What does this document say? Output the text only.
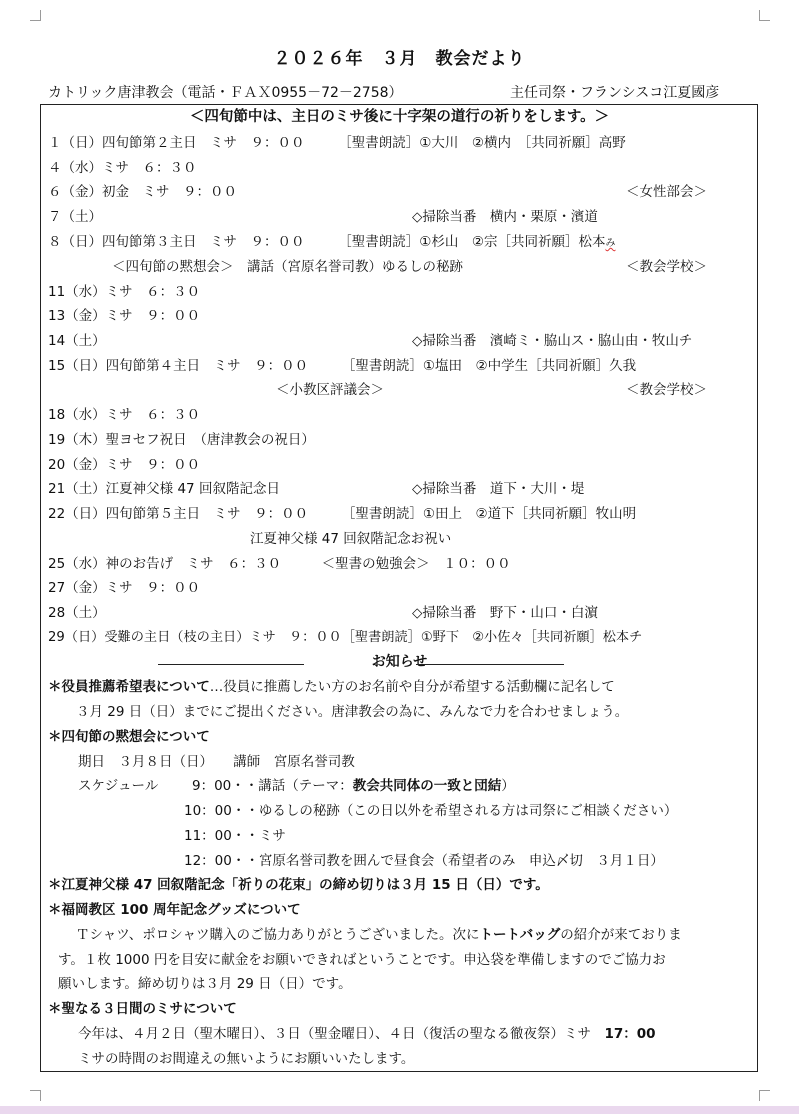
２０２６年　３月　教会だより
カトリック唐津教会（電話・ＦＡＸ0955－72－2758）	主任司祭・フランシスコ江夏國彦
＜四旬節中は、主日のミサ後に十字架の道行の祈りをします。＞
１（日）四旬節第２主日　ミサ　９：００　　　［聖書朗読］①大川　②横内　［共同祈願］高野
４（水）ミサ　６：３０
６（金）初金　ミサ　９：００	＜女性部会＞
７（土）	◇掃除当番　横内・栗原・濱道
８（日）四旬節第３主日　ミサ　９：００　　　［聖書朗読］①杉山　②宗［共同祈願］松本み
＜四旬節の黙想会＞　講話（宮原名誉司教）ゆるしの秘跡	＜教会学校＞
11（水）ミサ　６：３０
13（金）ミサ　９：００
14（土）	◇掃除当番　濱崎ミ・脇山ス・脇山由・牧山チ
15（日）四旬節第４主日　ミサ　９：００　　　［聖書朗読］①塩田　②中学生［共同祈願］久我
＜小教区評議会＞	＜教会学校＞
18（水）ミサ　６：３０
19（木）聖ヨセフ祝日　（唐津教会の祝日）
20（金）ミサ　９：００
21（土）江夏神父様 47 回叙階記念日	◇掃除当番　道下・大川・堤
22（日）四旬節第５主日　ミサ　９：００　　　［聖書朗読］①田上　②道下［共同祈願］牧山明
江夏神父様 47 回叙階記念お祝い
25（水）神のお告げ　ミサ　６：３０　　　＜聖書の勉強会＞　１０：００
27（金）ミサ　９：００
28（土）	◇掃除当番　野下・山口・白濵
29（日）受難の主日（枝の主日）ミサ　９：００［聖書朗読］①野下　②小佐々［共同祈願］松本チ
お知らせ
＊役員推薦希望表について…役員に推薦したい方のお名前や自分が希望する活動欄に記名して
３月 29 日（日）までにご提出ください。唐津教会の為に、みんなで力を合わせましょう。
＊四旬節の黙想会について
期日　３月８日（日）　　講師　宮原名誉司教
スケジュール	9：00・・講話（テーマ：教会共同体の一致と団結）
10：00・・ゆるしの秘跡（この日以外を希望される方は司祭にご相談ください）
11：00・・ミサ
12：00・・宮原名誉司教を囲んで昼食会（希望者のみ　申込〆切　３月１日）
＊江夏神父様 47 回叙階記念「祈りの花束」の締め切りは３月 15 日（日）です。
＊福岡教区 100 周年記念グッズについて
Ｔシャツ、ポロシャツ購入のご協力ありがとうございました。次にトートバッグの紹介が来ておりま
す。１枚 1000 円を目安に献金をお願いできればということです。申込袋を準備しますのでご協力お
願いします。締め切りは３月 29 日（日）です。
＊聖なる３日間のミサについて
今年は、４月２日（聖木曜日）、３日（聖金曜日）、４日（復活の聖なる徹夜祭）ミサ　17：00
ミサの時間のお間違えの無いようにお願いいたします。
